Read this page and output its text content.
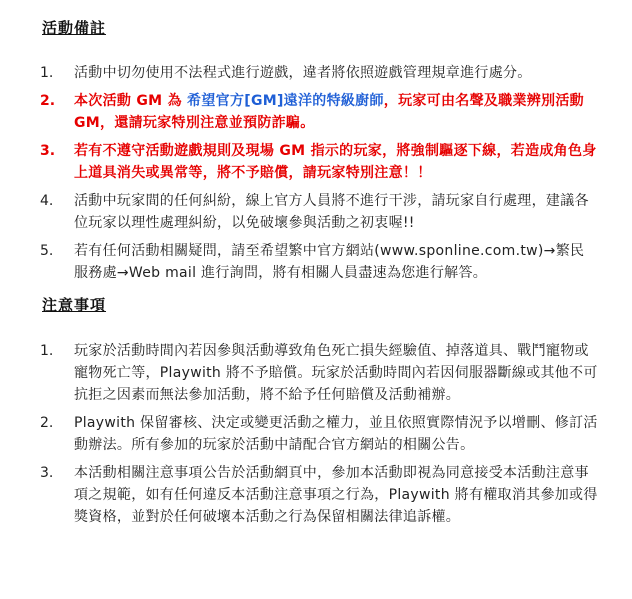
活動備註
1.	活動中切勿使用不法程式進行遊戲，違者將依照遊戲管理規章進行處分。
2.	本次活動 GM 為 希望官方[GM]遠洋的特級廚師，玩家可由名聲及職業辨別活動 GM，還請玩家特別注意並預防詐騙。
3.	若有不遵守活動遊戲規則及現場 GM 指示的玩家，將強制驅逐下線，若造成角色身上道具消失或異常等，將不予賠償，請玩家特別注意！！
4.	活動中玩家間的任何糾紛，線上官方人員將不進行干涉，請玩家自行處理，建議各位玩家以理性處理糾紛，以免破壞參與活動之初衷喔!!
5.	若有任何活動相關疑問，請至希望繁中官方網站(www.sponline.com.tw)→繁民服務處→Web mail 進行詢問，將有相關人員盡速為您進行解答。
注意事項
1.	玩家於活動時間內若因參與活動導致角色死亡損失經驗值、掉落道具、戰鬥寵物或寵物死亡等，Playwith 將不予賠償。玩家於活動時間內若因伺服器斷線或其他不可抗拒之因素而無法參加活動，將不給予任何賠償及活動補辦。
2.	Playwith 保留審核、決定或變更活動之權力，並且依照實際情況予以增刪、修訂活動辦法。所有參加的玩家於活動中請配合官方網站的相關公告。
3.	本活動相關注意事項公告於活動網頁中，參加本活動即視為同意接受本活動注意事項之規範，如有任何違反本活動注意事項之行為，Playwith 將有權取消其參加或得獎資格，並對於任何破壞本活動之行為保留相關法律追訴權。
